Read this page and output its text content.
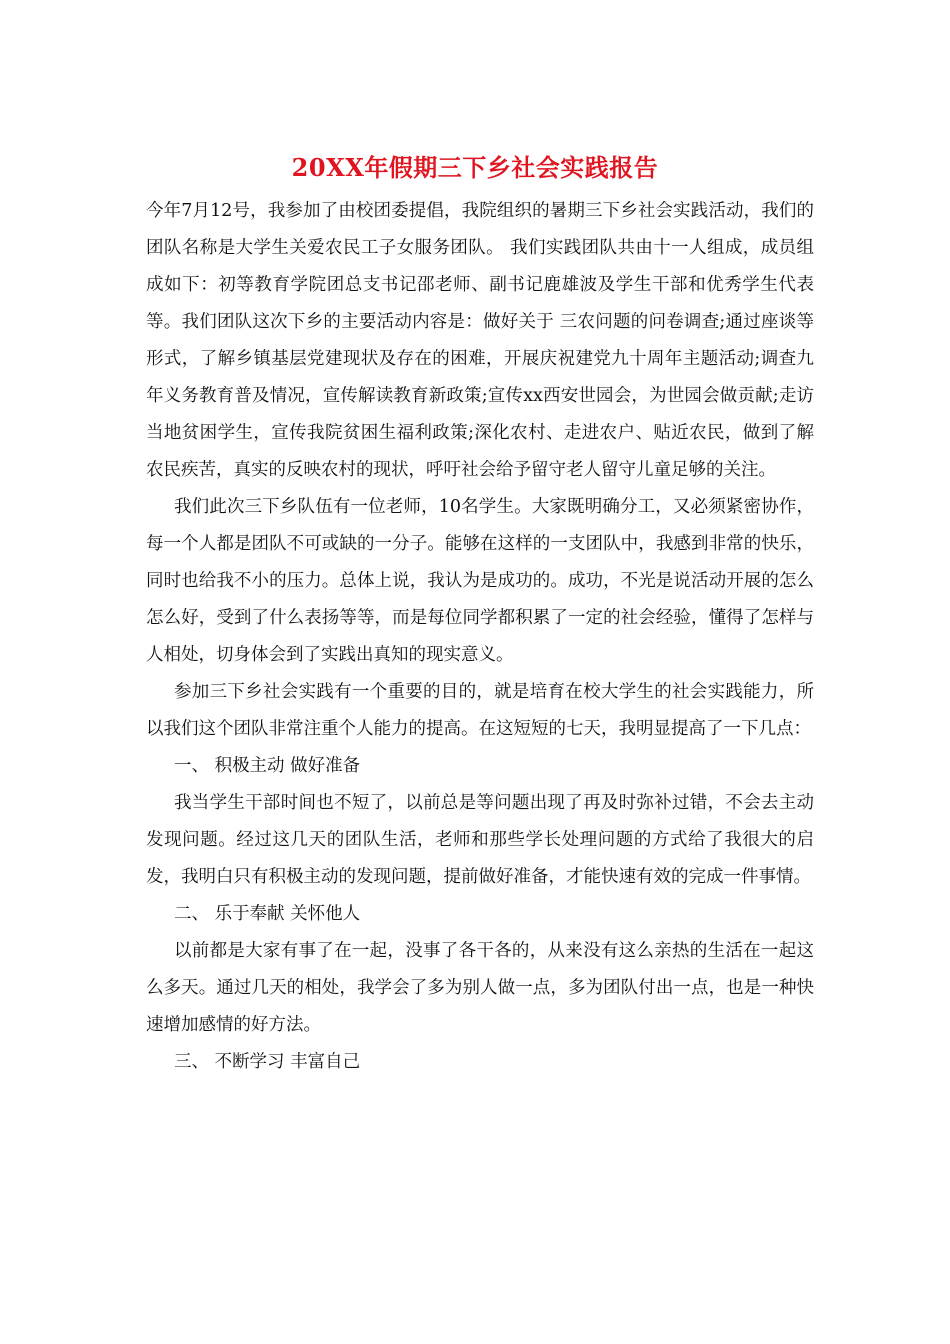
20XX年假期三下乡社会实践报告

今年7月12号，我参加了由校团委提倡，我院组织的暑期三下乡社会实践活动，我们的团队名称是大学生关爱农民工子女服务团队。 我们实践团队共由十一人组成，成员组成如下：初等教育学院团总支书记邵老师、副书记鹿雄波及学生干部和优秀学生代表等。我们团队这次下乡的主要活动内容是：做好关于 三农问题的问卷调查;通过座谈等形式，了解乡镇基层党建现状及存在的困难，开展庆祝建党九十周年主题活动;调查九年义务教育普及情况，宣传解读教育新政策;宣传xx西安世园会，为世园会做贡献;走访当地贫困学生，宣传我院贫困生福利政策;深化农村、走进农户、贴近农民，做到了解农民疾苦，真实的反映农村的现状，呼吁社会给予留守老人留守儿童足够的关注。

我们此次三下乡队伍有一位老师，10名学生。大家既明确分工，又必须紧密协作，每一个人都是团队不可或缺的一分子。能够在这样的一支团队中，我感到非常的快乐，同时也给我不小的压力。总体上说，我认为是成功的。成功，不光是说活动开展的怎么怎么好，受到了什么表扬等等，而是每位同学都积累了一定的社会经验，懂得了怎样与人相处，切身体会到了实践出真知的现实意义。

参加三下乡社会实践有一个重要的目的，就是培育在校大学生的社会实践能力，所以我们这个团队非常注重个人能力的提高。在这短短的七天，我明显提高了一下几点：

一、 积极主动 做好准备

我当学生干部时间也不短了，以前总是等问题出现了再及时弥补过错，不会去主动发现问题。经过这几天的团队生活，老师和那些学长处理问题的方式给了我很大的启发，我明白只有积极主动的发现问题，提前做好准备，才能快速有效的完成一件事情。

二、 乐于奉献 关怀他人

以前都是大家有事了在一起，没事了各干各的，从来没有这么亲热的生活在一起这么多天。通过几天的相处，我学会了多为别人做一点，多为团队付出一点，也是一种快速增加感情的好方法。

三、 不断学习 丰富自己
